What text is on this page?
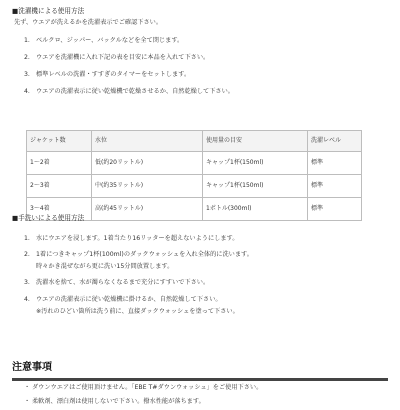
■洗濯機による使用方法
先ず、ウエアが洗えるかを洗濯表示でご確認下さい。
1. ベルクロ、ジッパー、バックルなどを全て閉じます。
2. ウエアを洗濯機に入れ下記の表を目安に本品を入れて下さい。
3. 標準レベルの洗濯・すすぎのタイマーをセットします。
4. ウエアの洗濯表示に従い乾燥機で乾燥させるか、自然乾燥して下さい。
ジャケット数	水位	使用量の目安	洗濯レベル
1〜2着	低(約20リットル)	キャップ1杯(150ml)	標準
2〜3着	中(約35リットル)	キャップ1杯(150ml)	標準
3〜4着	高(約45リットル)	1ボトル(300ml)	標準
■手洗いによる使用方法
1. 水にウエアを浸します。1着当たり16リッターを超えないようにします。
2. 1着につきキャップ1杯(100ml)のダックウォッシュを入れ全体的に洗います。
時々かき混ぜながら更に洗い15分間放置します。
3. 洗濯水を捨て、水が濁らなくなるまで充分にすすいで下さい。
4. ウエアの洗濯表示に従い乾燥機に掛けるか、自然乾燥して下さい。
※汚れのひどい箇所は洗う前に、直接ダックウォッシュを塗って下さい。
注意事項
・ ダウンウエアはご使用頂けません。「EBE T#ダウンウォッシュ」をご使用下さい。
・ 柔軟剤、漂白剤は使用しないで下さい。撥水性能が落ちます。
